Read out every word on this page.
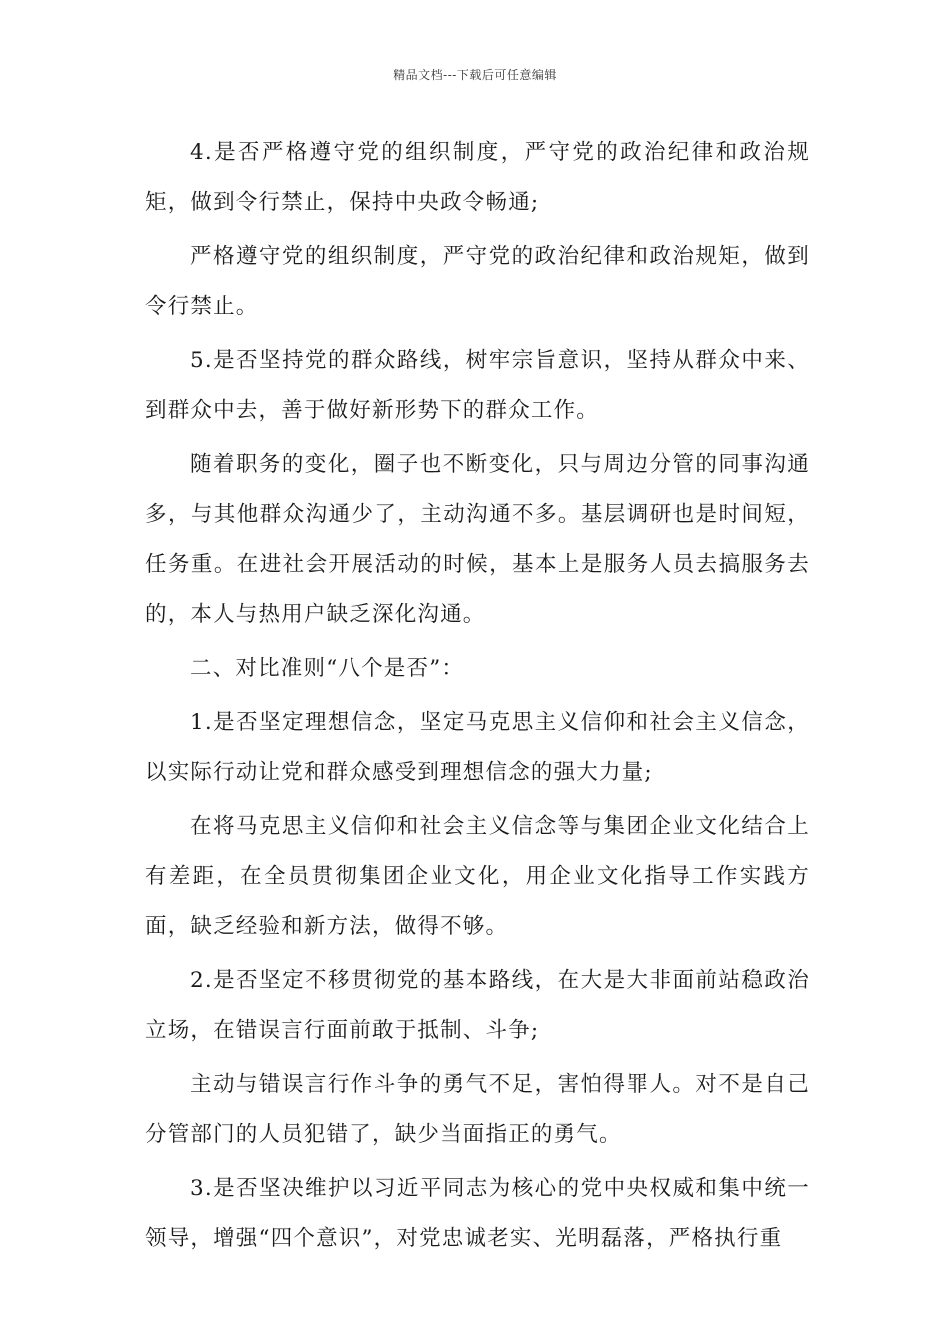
精品文档---下载后可任意编辑

4.是否严格遵守党的组织制度，严守党的政治纪律和政治规矩，做到令行禁止，保持中央政令畅通;

严格遵守党的组织制度，严守党的政治纪律和政治规矩，做到令行禁止。

5.是否坚持党的群众路线，树牢宗旨意识，坚持从群众中来、到群众中去，善于做好新形势下的群众工作。

随着职务的变化，圈子也不断变化，只与周边分管的同事沟通多，与其他群众沟通少了，主动沟通不多。基层调研也是时间短，任务重。在进社会开展活动的时候，基本上是服务人员去搞服务去的，本人与热用户缺乏深化沟通。

二、对比准则“八个是否”：

1.是否坚定理想信念，坚定马克思主义信仰和社会主义信念，以实际行动让党和群众感受到理想信念的强大力量;

在将马克思主义信仰和社会主义信念等与集团企业文化结合上有差距，在全员贯彻集团企业文化，用企业文化指导工作实践方面，缺乏经验和新方法，做得不够。

2.是否坚定不移贯彻党的基本路线，在大是大非面前站稳政治立场，在错误言行面前敢于抵制、斗争;

主动与错误言行作斗争的勇气不足，害怕得罪人。对不是自己分管部门的人员犯错了，缺少当面指正的勇气。

3.是否坚决维护以习近平同志为核心的党中央权威和集中统一领导，增强“四个意识”，对党忠诚老实、光明磊落，严格执行重
